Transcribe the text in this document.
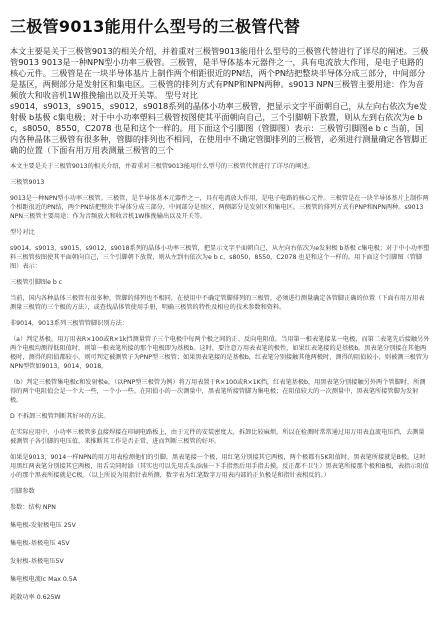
三极管9013能用什么型号的三极管代替

本文主要是关于三极管9013的相关介绍，并着重对三极管9013能用什么型号的三极管代替进行了详尽的阐述。三极管9013 9013是一种NPN型小功率三极管。三极管，是半导体基本元器件之一，具有电流放大作用，是电子电路的核心元件。三极管是在一块半导体基片上制作两个相距很近的PN结，两个PN结把整块半导体分成三部分，中间部分是基区，两侧部分是发射区和集电区。三极管的排列方式有PNP和NPN两种。s9013 NPN三极管主要用途：作为音频放大和收音机1W推挽输出以及开关等。 型号对比

s9014，s9013，s9015，s9012，s9018系列的晶体小功率三极管，把显示文字平面朝自己，从左向右依次为e发射极 b基极 c集电极；对于中小功率塑料三极管按图使其平面朝向自己，三个引脚朝下放置，则从左到右依次为e b c，s8050，8550，C2078 也是和这个一样的。用下面这个引脚图（管脚图）表示：三极管引脚图e b c 当前，国内各种晶体三极管有很多种，管脚的排列也不相同，在使用中不确定管脚排列的三极管，必须进行测量确定各管脚正确的位置（下面有用万用表测量三极管的三个

本文主要是关于三极管9013的相关介绍，并着重对三极管9013能用什么型号的三极管代替进行了详尽的阐述。

三极管9013

9013是一种NPN型小功率三极管。三极管，是半导体基本元器件之一，具有电流放大作用，是电子电路的核心元件。三极管是在一块半导体基片上制作两个相距很近的PN结，两个PN结把整块半导体分成三部分，中间部分是基区，两侧部分是发射区和集电区。三极管的排列方式有PNP和NPN两种。s9013 NPN三极管主要用途：作为音频放大和收音机1W推挽输出以及开关等。

型号对比

s9014，s9013，s9015，s9012，s9018系列的晶体小功率三极管，把显示文字平面朝自己，从左向右依次为e发射极 b基极 c集电极；对于中小功率塑料三极管按图使其平面朝向自己，三个引脚朝下放置，则从左到右依次为e b c，s8050，8550，C2078 也是和这个一样的。用下面这个引脚图（管脚图）表示：

三极管引脚图e b c

当前，国内各种晶体三极管有很多种，管脚的排列也不相同，在使用中不确定管脚排列的三极管，必须进行测量确定各管脚正确的位置（下面有用万用表测量三极管的三个极的方法），或查找晶体管使用手册，明确三极管的特性及相应的技术参数和资料。

非9014，9013系列三极管管脚识别方法：

（a）判定基极。用万用表R×100或R×1k挡测量管子三个电极中每两个极之间的正、反向电阻值。当用第一根表笔接某一电极，而第二表笔先后接触另外两个电极均测得低阻值时，则第一根表笔所接的那个电极即为基极b。这时，要注意万用表表笔的极性，如果红表笔接的是基极b。黑表笔分别接在其他两极时，测得的阻值都较小，则可判定被测管子为PNP型三极管；如果黑表笔接的是基极b，红表笔分别接触其他两极时，测得的阻值较小，则被测三极管为NPN型管如9013，9014，9018。

（b）判定三极管集电极c和发射极e。（以PNP型三极管为例）将万用表置于R×100或R×1K挡，红表笔基极b，用黑表笔分别接触另外两个管脚时，所测得的两个电阻值会是一个大一些，一个小一些。在阻值小的一次测量中，黑表笔所接管脚为集电极；在阻值较大的一次测量中，黑表笔所接管脚为发射极。

D 不拆卸三极管判断其好坏的方法。

在实际应用中，小功率三极管多直接焊接在印刷电路板上，由于元件的安装密度大，拆卸比较麻烦，所以在检测时常常通过用万用表直流电压挡，去测量被测管子各引脚的电压值，来推断其工作是否正常，进而判断三极管的好坏。

如果是9013，9014一样NPN的用万用表检测他们的引脚，黑表笔接一个极，用红笔分别接其它两极，两个极都有5K阻值时，黑表笔所接就是B极。这时用黑红两表笔分别接其它两极，用舌尖同时舔（其实也可以先用舌头添湿一下手指然后用手指去摸，反正都不卫生）黑表笔所接那个极和B极，表指示阻值小的那个黑表所接就是C极。（以上所说为用指针表所测，数字表为红笔数字万用表内部的正负极是和指针表相反的。）

引脚参数

参数：结构 NPN

集电极-发射极电压 25V

集电极-基极电压 45V

发射极-基极电压5V

集电极电流Ic Max 0.5A

耗散功率 0.625W
